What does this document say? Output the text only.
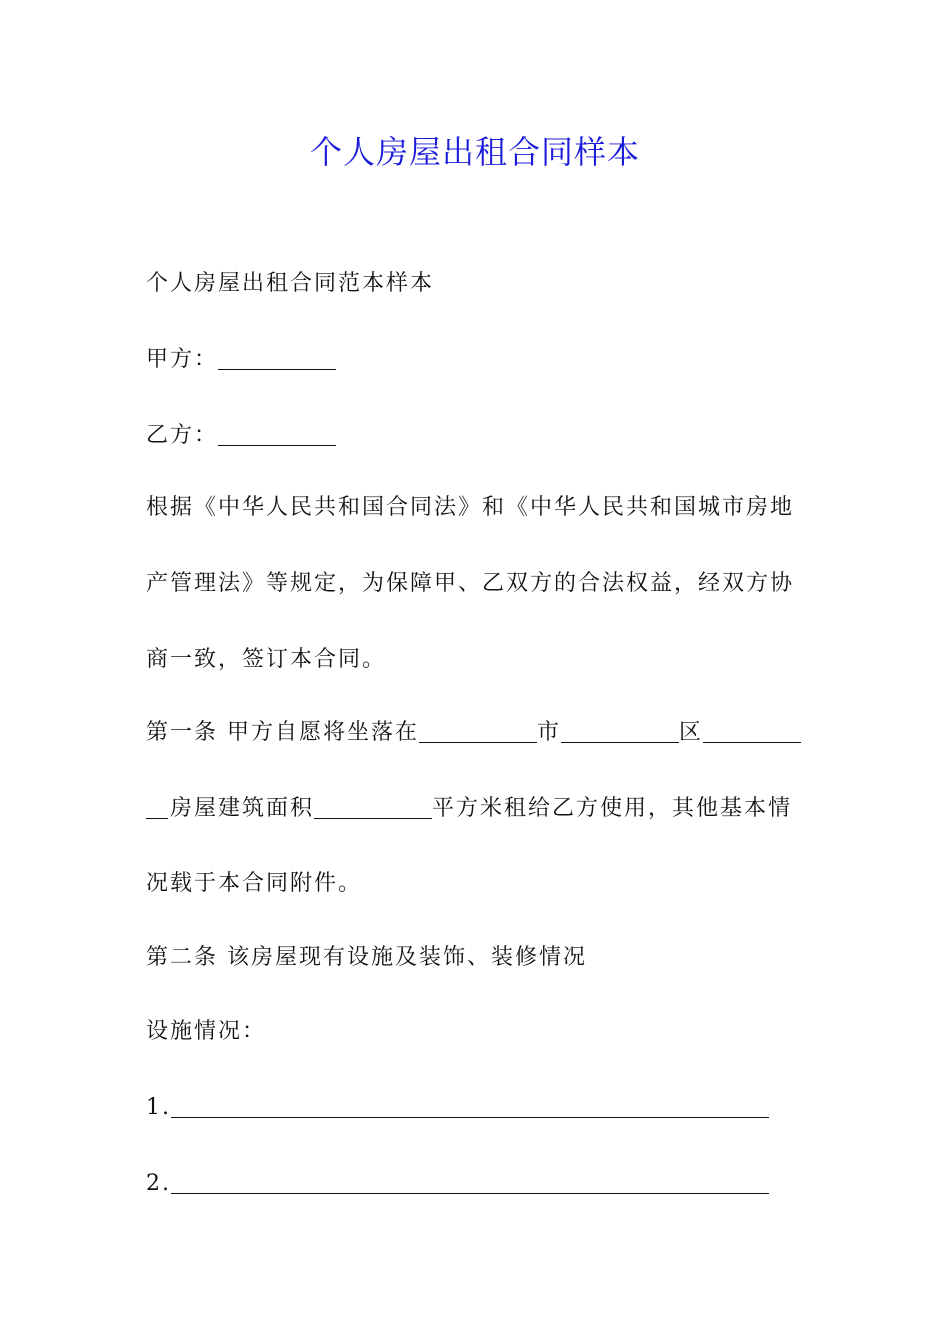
个人房屋出租合同样本

个人房屋出租合同范本样本

甲方：

乙方：

根据《中华人民共和国合同法》和《中华人民共和国城市房地

产管理法》等规定，为保障甲、乙双方的合法权益，经双方协

商一致，签订本合同。

第一条 甲方自愿将坐落在	市	区

房屋建筑面积	平方米租给乙方使用，其他基本情

况载于本合同附件。

第二条 该房屋现有设施及装饰、装修情况

设施情况：

1.

2.
